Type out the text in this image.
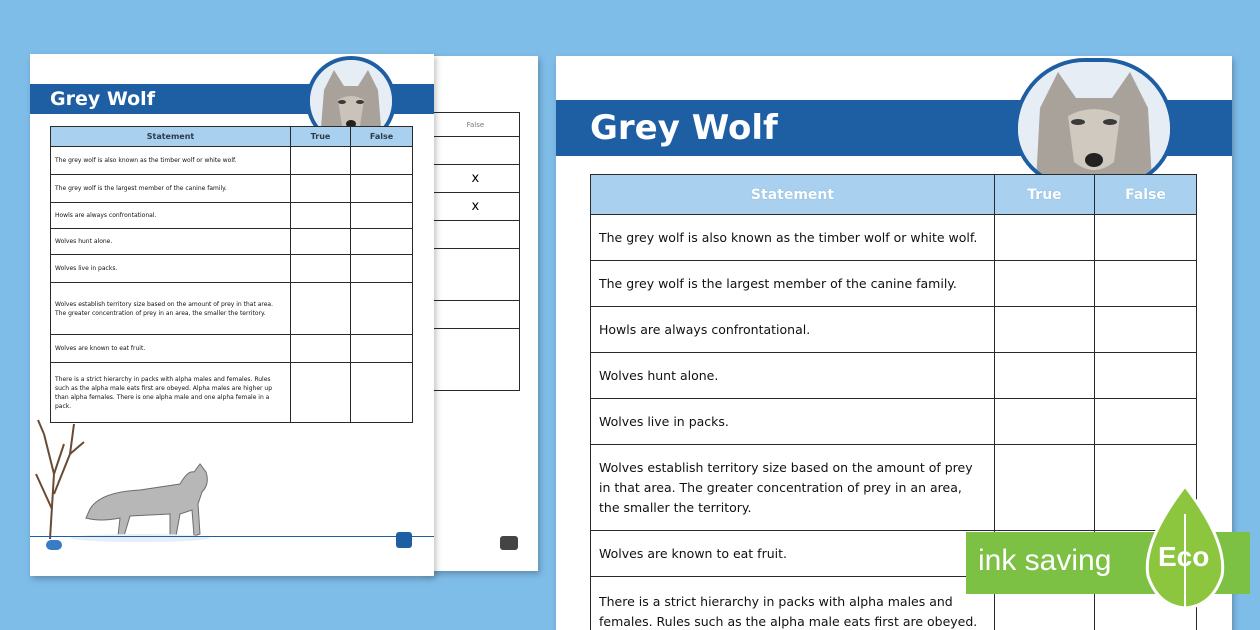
	False

	x
	x

Grey Wolf
Statement	True	False
The grey wolf is also known as the timber wolf or white wolf.		
The grey wolf is the largest member of the canine family.		
Howls are always confrontational.		
Wolves hunt alone.		
Wolves live in packs.		
Wolves establish territory size based on the amount of prey in that area. The greater concentration of prey in an area, the smaller the territory.		
Wolves are known to eat fruit.		
There is a strict hierarchy in packs with alpha males and females. Rules such as the alpha male eats first are obeyed. Alpha males are higher up than alpha females. There is one alpha male and one alpha female in a pack.		
Grey Wolf
Statement	True	False
The grey wolf is also known as the timber wolf or white wolf.		
The grey wolf is the largest member of the canine family.		
Howls are always confrontational.		
Wolves hunt alone.		
Wolves live in packs.		
Wolves establish territory size based on the amount of prey in that area. The greater concentration of prey in an area, the smaller the territory.		
Wolves are known to eat fruit.		
There is a strict hierarchy in packs with alpha males and females. Rules such as the alpha male eats first are obeyed.		
ink saving Eco
